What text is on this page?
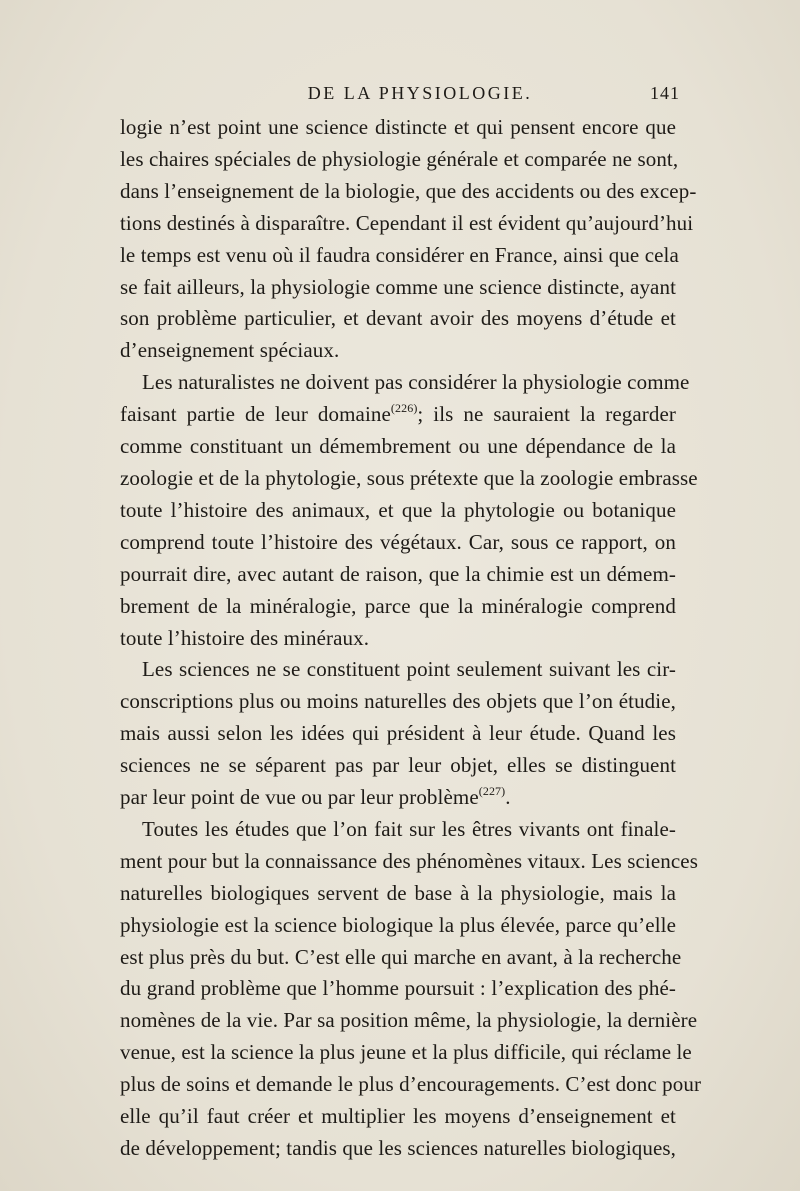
DE LA PHYSIOLOGIE.	141
logie n’est point une science distincte et qui pensent encore que
les chaires spéciales de physiologie générale et comparée ne sont,
dans l’enseignement de la biologie, que des accidents ou des excep-
tions destinés à disparaître. Cependant il est évident qu’aujourd’hui
le temps est venu où il faudra considérer en France, ainsi que cela
se fait ailleurs, la physiologie comme une science distincte, ayant
son problème particulier, et devant avoir des moyens d’étude et
d’enseignement spéciaux.
Les naturalistes ne doivent pas considérer la physiologie comme
faisant partie de leur domaine$^{(226)}$; ils ne sauraient la regarder
comme constituant un démembrement ou une dépendance de la
zoologie et de la phytologie, sous prétexte que la zoologie embrasse
toute l’histoire des animaux, et que la phytologie ou botanique
comprend toute l’histoire des végétaux. Car, sous ce rapport, on
pourrait dire, avec autant de raison, que la chimie est un démem-
brement de la minéralogie, parce que la minéralogie comprend
toute l’histoire des minéraux.
Les sciences ne se constituent point seulement suivant les cir-
conscriptions plus ou moins naturelles des objets que l’on étudie,
mais aussi selon les idées qui président à leur étude. Quand les
sciences ne se séparent pas par leur objet, elles se distinguent
par leur point de vue ou par leur problème$^{(227)}$.
Toutes les études que l’on fait sur les êtres vivants ont finale-
ment pour but la connaissance des phénomènes vitaux. Les sciences
naturelles biologiques servent de base à la physiologie, mais la
physiologie est la science biologique la plus élevée, parce qu’elle
est plus près du but. C’est elle qui marche en avant, à la recherche
du grand problème que l’homme poursuit : l’explication des phé-
nomènes de la vie. Par sa position même, la physiologie, la dernière
venue, est la science la plus jeune et la plus difficile, qui réclame le
plus de soins et demande le plus d’encouragements. C’est donc pour
elle qu’il faut créer et multiplier les moyens d’enseignement et
de développement; tandis que les sciences naturelles biologiques,
